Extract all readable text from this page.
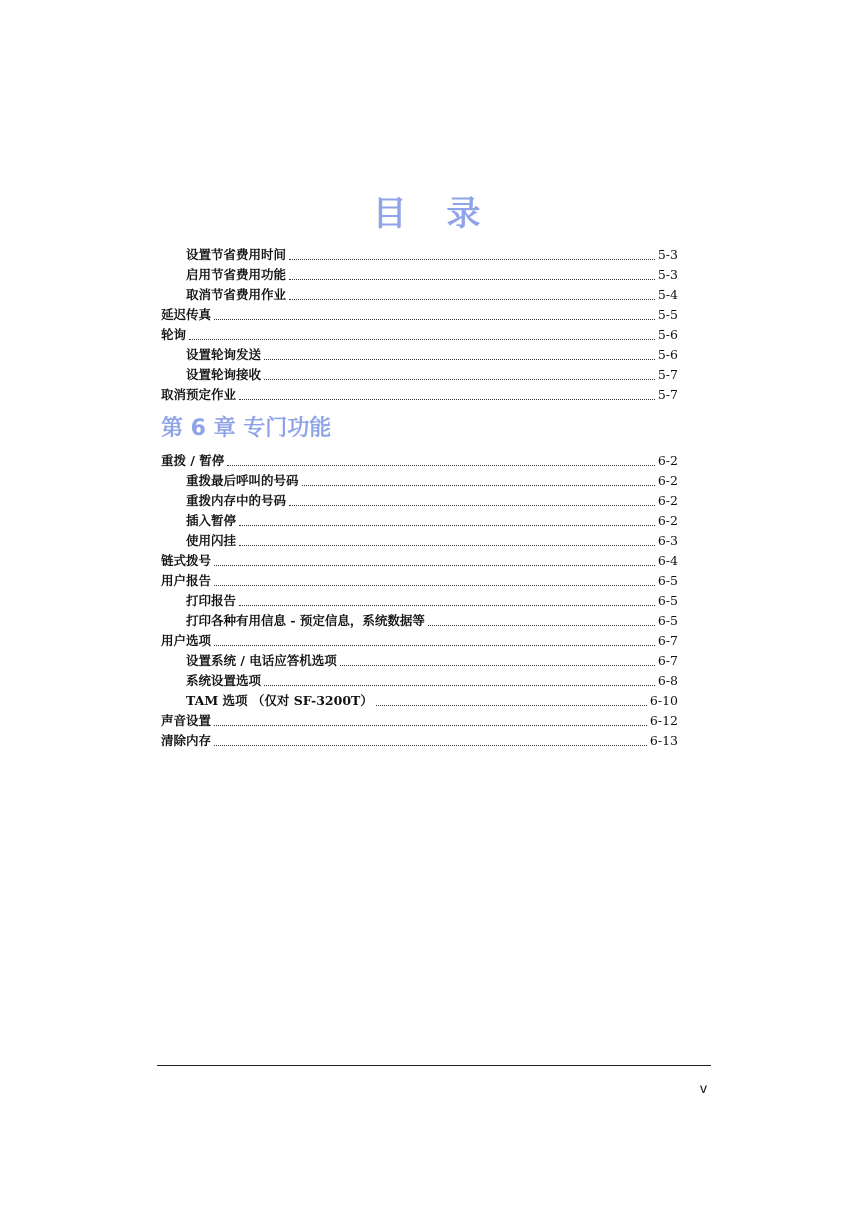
目 录
设置节省费用时间	5-3
启用节省费用功能	5-3
取消节省费用作业	5-4
延迟传真	5-5
轮询	5-6
设置轮询发送	5-6
设置轮询接收	5-7
取消预定作业	5-7
第 6 章 专门功能
重拨 / 暂停	6-2
重拨最后呼叫的号码	6-2
重拨内存中的号码	6-2
插入暂停	6-2
使用闪挂	6-3
链式拨号	6-4
用户报告	6-5
打印报告	6-5
打印各种有用信息 - 预定信息，系统数据等	6-5
用户选项	6-7
设置系统 / 电话应答机选项	6-7
系统设置选项	6-8
TAM 选项 （仅对 SF-3200T）	6-10
声音设置	6-12
清除内存	6-13
v
